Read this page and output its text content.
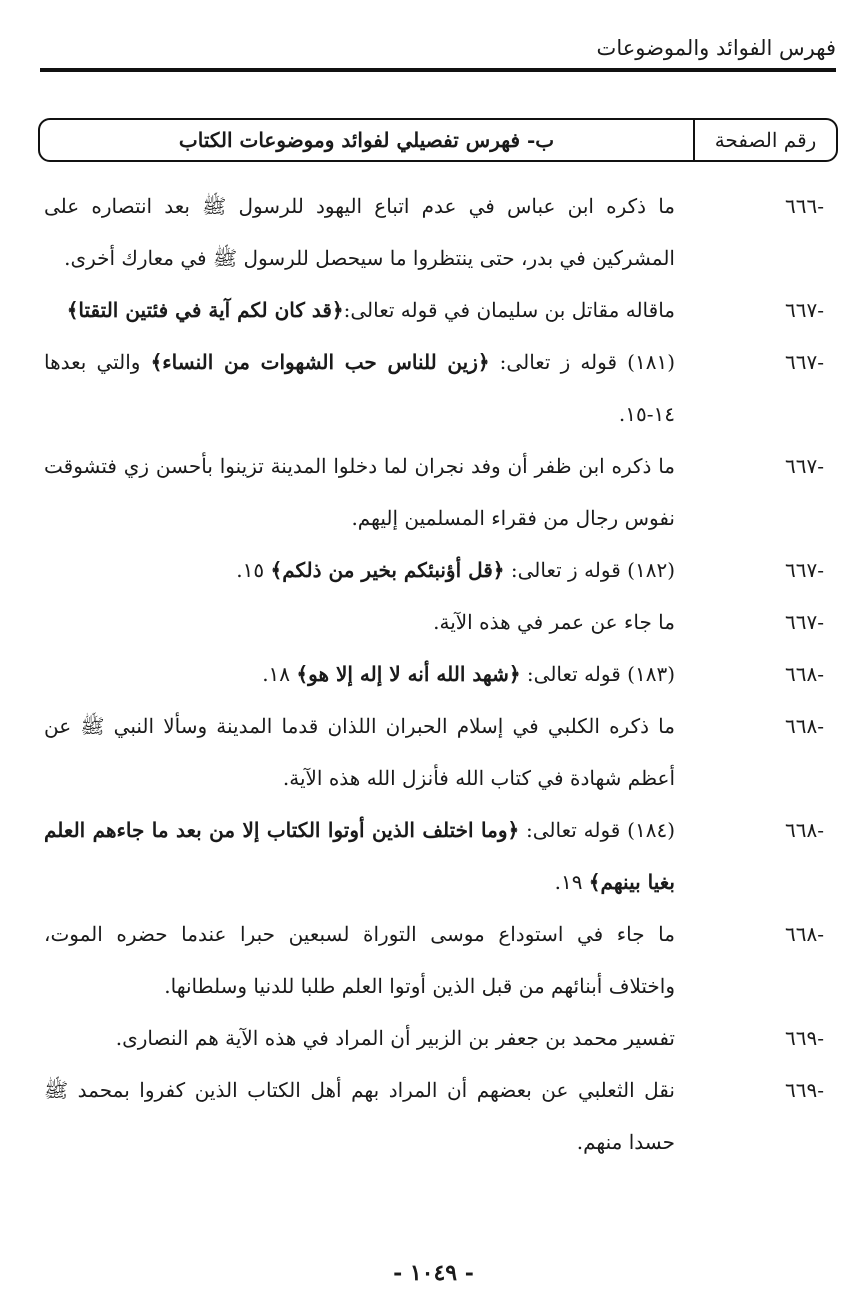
فهرس الفوائد والموضوعات
رقم الصفحة
ب- فهرس تفصيلي لفوائد وموضوعات الكتاب
-٦٦٦
ما ذكره ابن عباس في عدم اتباع اليهود للرسول ﷺ بعد انتصاره على المشركين في بدر، حتى ينتظروا ما سيحصل للرسول ﷺ في معارك أخرى.
-٦٦٧
ماقاله مقاتل بن سليمان في قوله تعالى:﴿قد كان لكم آية في فئتين التقتا﴾
-٦٦٧
(١٨١) قوله ز تعالى: ﴿زين للناس حب الشهوات من النساء﴾ والتي بعدها ١٤-١٥.
-٦٦٧
ما ذكره ابن ظفر أن وفد نجران لما دخلوا المدينة تزينوا بأحسن زي فتشوقت نفوس رجال من فقراء المسلمين إليهم.
-٦٦٧
(١٨٢) قوله ز تعالى: ﴿قل أؤنبئكم بخير من ذلكم﴾ ١٥.
-٦٦٧
ما جاء عن عمر في هذه الآية.
-٦٦٨
(١٨٣) قوله تعالى: ﴿شهد الله أنه لا إله إلا هو﴾ ١٨.
-٦٦٨
ما ذكره الكلبي في إسلام الحبران اللذان قدما المدينة وسألا النبي ﷺ عن أعظم شهادة في كتاب الله فأنزل الله هذه الآية.
-٦٦٨
(١٨٤) قوله تعالى: ﴿وما اختلف الذين أوتوا الكتاب إلا من بعد ما جاءهم العلم بغيا بينهم﴾ ١٩.
-٦٦٨
ما جاء في استوداع موسى التوراة لسبعين حبرا عندما حضره الموت، واختلاف أبنائهم من قبل الذين أوتوا العلم طلبا للدنيا وسلطانها.
-٦٦٩
تفسير محمد بن جعفر بن الزبير أن المراد في هذه الآية هم النصارى.
-٦٦٩
نقل الثعلبي عن بعضهم أن المراد بهم أهل الكتاب الذين كفروا بمحمد ﷺ حسدا منهم.
- ١٠٤٩ -
